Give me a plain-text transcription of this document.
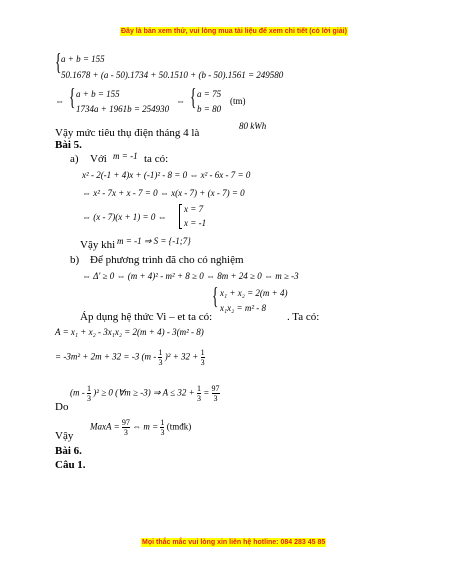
Đây là bản xem thử, vui lòng mua tài liệu để xem chi tiết (có lời giải)
{ a + b = 155
50.1678 + (a - 50).1734 + 50.1510 + (b - 50).1561 = 249580
⇔ { a + b = 155
1734a + 1961b = 254930
⇔ { a = 75
b = 80
(tm)
Vậy mức tiêu thụ điện tháng 4 là
80 kWh
Bài 5.
a) Với m = -1 ta có:
x² - 2(-1 + 4)x + (-1)² - 8 = 0 ⇔ x² - 6x - 7 = 0
⇔ x² - 7x + x - 7 = 0 ⇔ x(x - 7) + (x - 7) = 0
⇔ (x - 7)(x + 1) = 0 ⇔
x = 7
x = -1
Vậy khi m = -1 ⇒ S = {-1;7}
b) Để phương trình đã cho có nghiệm
⇔ Δ' ≥ 0 ⇔ (m + 4)² - m² + 8 ≥ 0 ⇔ 8m + 24 ≥ 0 ⇔ m ≥ -3
{ x₁ + x₂ = 2(m + 4)
x₁x₂ = m² - 8
Áp dụng hệ thức Vi – et ta có:	. Ta có:
A = x₁ + x₂ - 3x₁x₂ = 2(m + 4) - 3(m² - 8)
= -3m² + 2m + 32 = -3 $(m - \frac{1}{3} )^2 + 32 + \frac{1}{3}$
$(m - \frac{1}{3} )^2 \ge 0$ (∀m ≥ -3) ⇒ $A \le 32 + \frac{1}{3} = \frac{97}{3}$
Do
MaxA = $\frac{97}{3}$ ⇔ $m = \frac{1}{3}$ (tmđk)
Vậy
Bài 6.
Câu 1.
Mọi thắc mắc vui lòng xin liên hệ hotline: 084 283 45 85
